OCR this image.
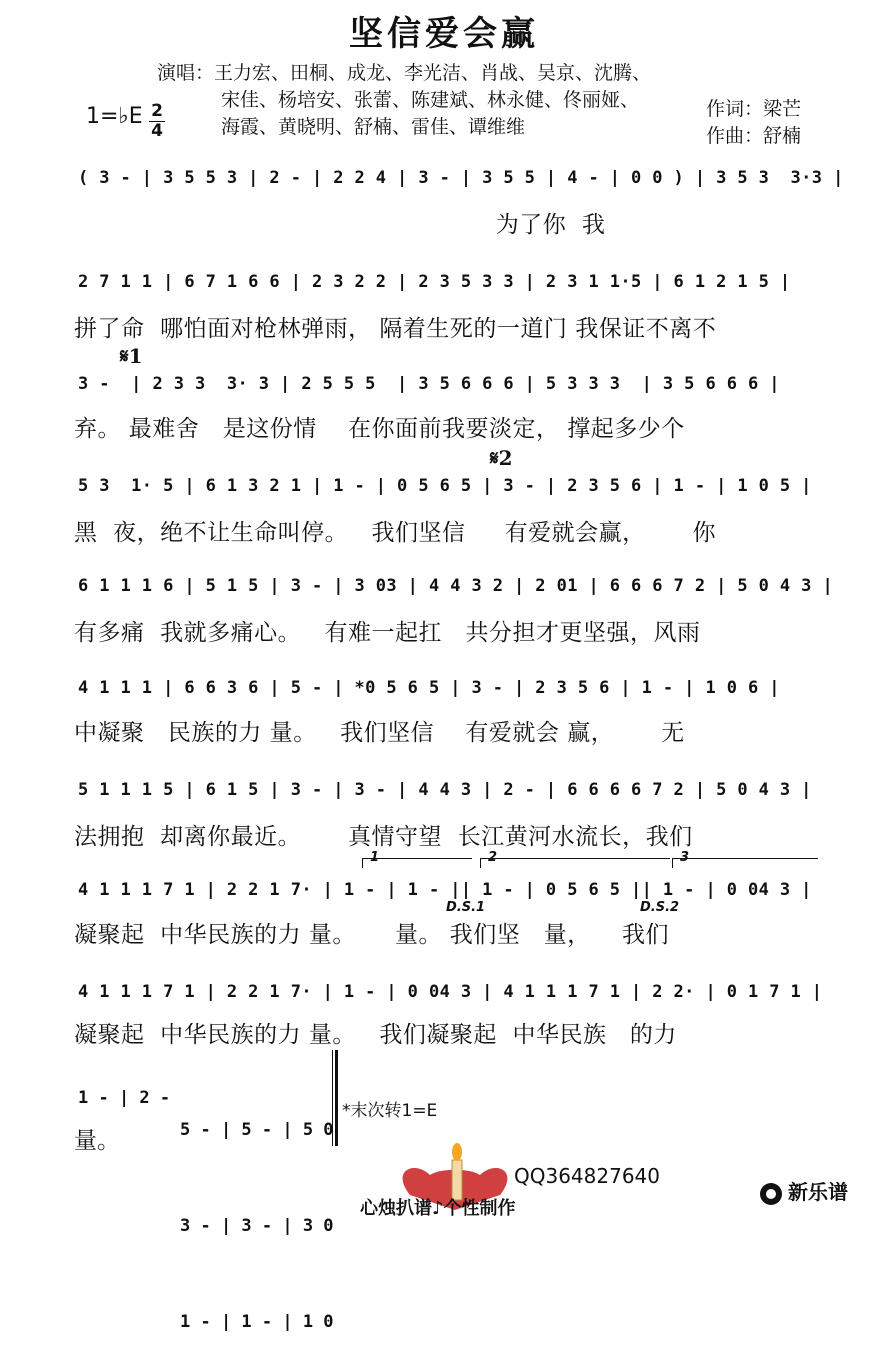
坚信爱会赢
演唱：王力宏、田桐、成龙、李光洁、肖战、吴京、沈腾、
宋佳、杨培安、张蕾、陈建斌、林永健、佟丽娅、
海霞、黄晓明、舒楠、雷佳、谭维维
1=♭E 2
4
作词：梁芒
作曲：舒楠
( 3 - | 3 5 5 3 | 2 - | 2 2 4 | 3 - | 3 5 5 | 4 - | 0 0 ) | 3 5 3  3·3 |
为了你  我
2 7 1 1 | 6 7 1 6 6 | 2 3 2 2 | 2 3 5 3 3 | 2 3 1 1·5 | 6 1 2 1 5 |
拼了命  哪怕面对枪林弹雨， 隔着生死的一道门 我保证不离不
𝄋1
3 -  | 2 3 3  3· 3 | 2 5 5 5  | 3 5 6 6 6 | 5 3 3 3  | 3 5 6 6 6 |
弃。 最难舍   是这份情    在你面前我要淡定， 撑起多少个
𝄋2
5 3  1· 5 | 6 1 3 2 1 | 1 - | 0 5 6 5 | 3 - | 2 3 5 6 | 1 - | 1 0 5 |
黑  夜，绝不让生命叫停。   我们坚信     有爱就会赢，      你
6 1 1 1 6 | 5 1 5 | 3 - | 3 03 | 4 4 3 2 | 2 01 | 6 6 6 7 2 | 5 0 4 3 |
有多痛  我就多痛心。   有难一起扛   共分担才更坚强，风雨
4 1 1 1 | 6 6 3 6 | 5 - | *0 5 6 5 | 3 - | 2 3 5 6 | 1 - | 1 0 6 |
中凝聚   民族的力 量。   我们坚信    有爱就会 赢，      无
5 1 1 1 5 | 6 1 5 | 3 - | 3 - | 4 4 3 | 2 - | 6 6 6 6 7 2 | 5 0 4 3 |
法拥抱  却离你最近。      真情守望  长江黄河水流长，我们
1	2	3
4 1 1 1 7 1 | 2 2 1 7· | 1 - | 1 - || 1 - | 0 5 6 5 || 1 - | 0 04 3 |
D.S.1	D.S.2
凝聚起  中华民族的力 量。     量。 我们坚   量，    我们
4 1 1 1 7 1 | 2 2 1 7· | 1 - | 0 04 3 | 4 1 1 1 7 1 | 2 2· | 0 1 7 1 |
凝聚起  中华民族的力 量。   我们凝聚起  中华民族   的力
1 - | 2 -

5 - | 5 - | 5 0

3 - | 3 - | 3 0

1 - | 1 - | 1 0

*末次转1=E
量。
QQ364827640
心烛扒谱♪个性制作
新乐谱
